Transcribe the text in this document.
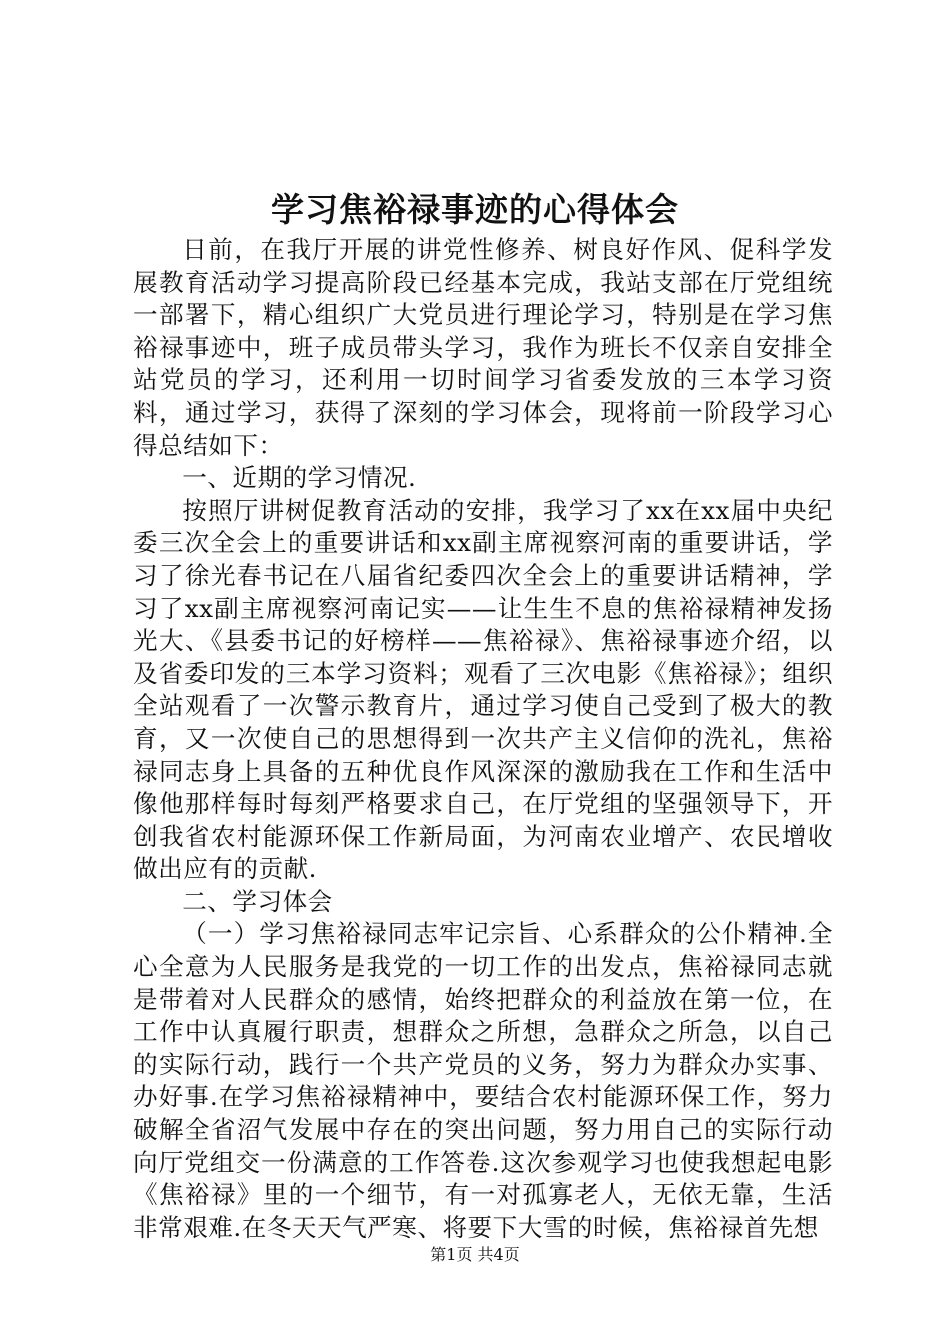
学习焦裕禄事迹的心得体会

日前，在我厅开展的讲党性修养、树良好作风、促科学发展教育活动学习提高阶段已经基本完成，我站支部在厅党组统一部署下，精心组织广大党员进行理论学习，特别是在学习焦裕禄事迹中，班子成员带头学习，我作为班长不仅亲自安排全站党员的学习，还利用一切时间学习省委发放的三本学习资料，通过学习，获得了深刻的学习体会，现将前一阶段学习心得总结如下：

一、近期的学习情况.

按照厅讲树促教育活动的安排，我学习了xx在xx届中央纪委三次全会上的重要讲话和xx副主席视察河南的重要讲话，学习了徐光春书记在八届省纪委四次全会上的重要讲话精神，学习了xx副主席视察河南记实——让生生不息的焦裕禄精神发扬光大、《县委书记的好榜样——焦裕禄》、焦裕禄事迹介绍，以及省委印发的三本学习资料；观看了三次电影《焦裕禄》；组织全站观看了一次警示教育片，通过学习使自己受到了极大的教育，又一次使自己的思想得到一次共产主义信仰的洗礼，焦裕禄同志身上具备的五种优良作风深深的激励我在工作和生活中像他那样每时每刻严格要求自己，在厅党组的坚强领导下，开创我省农村能源环保工作新局面，为河南农业增产、农民增收做出应有的贡献.

二、学习体会

（一）学习焦裕禄同志牢记宗旨、心系群众的公仆精神.全心全意为人民服务是我党的一切工作的出发点，焦裕禄同志就是带着对人民群众的感情，始终把群众的利益放在第一位，在工作中认真履行职责，想群众之所想，急群众之所急，以自己的实际行动，践行一个共产党员的义务，努力为群众办实事、办好事.在学习焦裕禄精神中，要结合农村能源环保工作，努力破解全省沼气发展中存在的突出问题，努力用自己的实际行动向厅党组交一份满意的工作答卷.这次参观学习也使我想起电影《焦裕禄》里的一个细节，有一对孤寡老人，无依无靠，生活非常艰难.在冬天天气严寒、将要下大雪的时候，焦裕禄首先想

第1页 共4页
